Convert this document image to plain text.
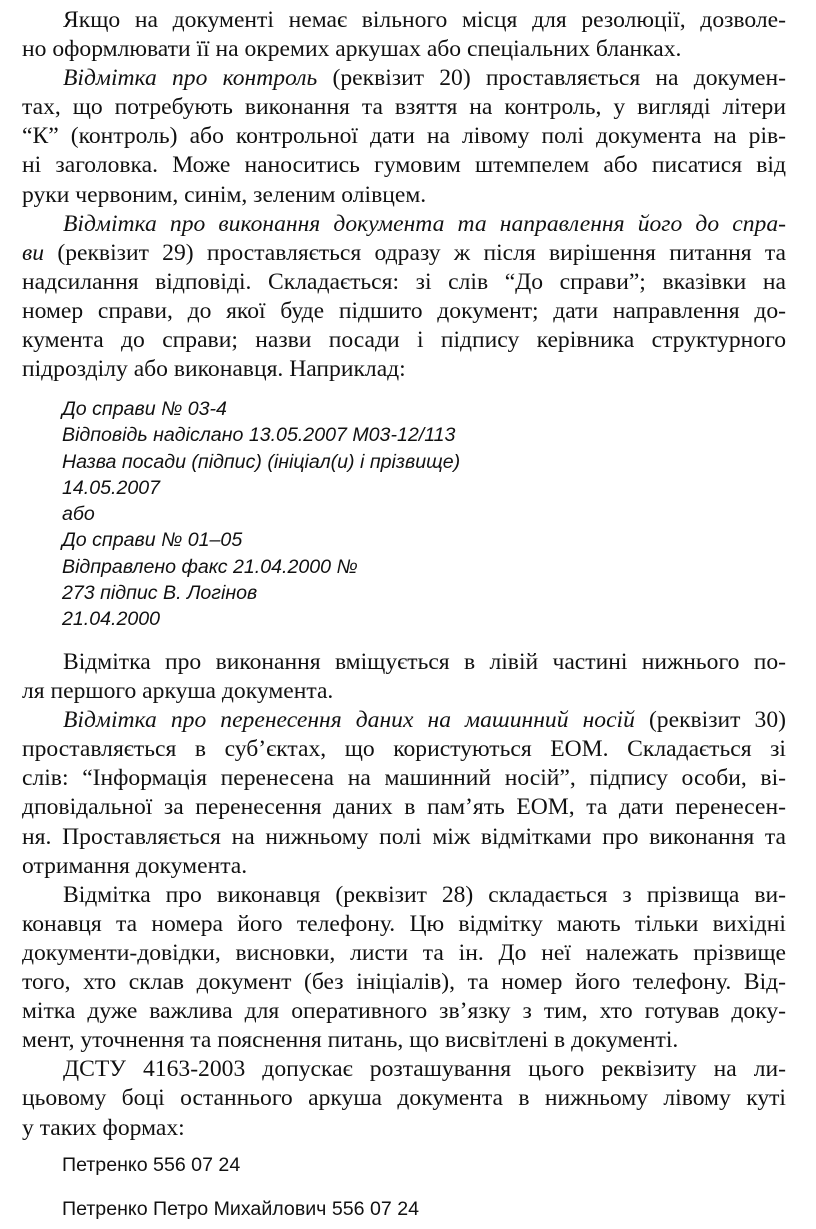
Якщо на документі немає вільного місця для резолюції, дозволе-
но оформлювати її на окремих аркушах або спеціальних бланках.
Відмітка про контроль (реквізит 20) проставляється на докумен-
тах, що потребують виконання та взяття на контроль, у вигляді літери
“К” (контроль) або контрольної дати на лівому полі документа на рів-
ні заголовка. Може наноситись гумовим штемпелем або писатися від
руки червоним, синім, зеленим олівцем.
Відмітка про виконання документа та направлення його до спра-
ви (реквізит 29) проставляється одразу ж після вирішення питання та
надсилання відповіді. Складається: зі слів “До справи”; вказівки на
номер справи, до якої буде підшито документ; дати направлення до-
кумента до справи; назви посади і підпису керівника структурного
підрозділу або виконавця. Наприклад:
До справи № 03-4
Відповідь надіслано 13.05.2007 М03-12/113
Назва посади (підпис) (ініціал(и) і прізвище)
14.05.2007
або
До справи № 01–05
Відправлено факс 21.04.2000 №
273 підпис В. Логінов
21.04.2000
Відмітка про виконання вміщується в лівій частині нижнього по-
ля першого аркуша документа.
Відмітка про перенесення даних на машинний носій (реквізит 30)
проставляється в суб’єктах, що користуються ЕОМ. Складається зі
слів: “Інформація перенесена на машинний носій”, підпису особи, ві-
дповідальної за перенесення даних в пам’ять ЕОМ, та дати перенесен-
ня. Проставляється на нижньому полі між відмітками про виконання та
отримання документа.
Відмітка про виконавця (реквізит 28) складається з прізвища ви-
конавця та номера його телефону. Цю відмітку мають тільки вихідні
документи-довідки, висновки, листи та ін. До неї належать прізвище
того, хто склав документ (без ініціалів), та номер його телефону. Від-
мітка дуже важлива для оперативного зв’язку з тим, хто готував доку-
мент, уточнення та пояснення питань, що висвітлені в документі.
ДСТУ 4163-2003 допускає розташування цього реквізиту на ли-
цьовому боці останнього аркуша документа в нижньому лівому куті
у таких формах:
Петренко 556 07 24
Петренко Петро Михайлович 556 07 24
